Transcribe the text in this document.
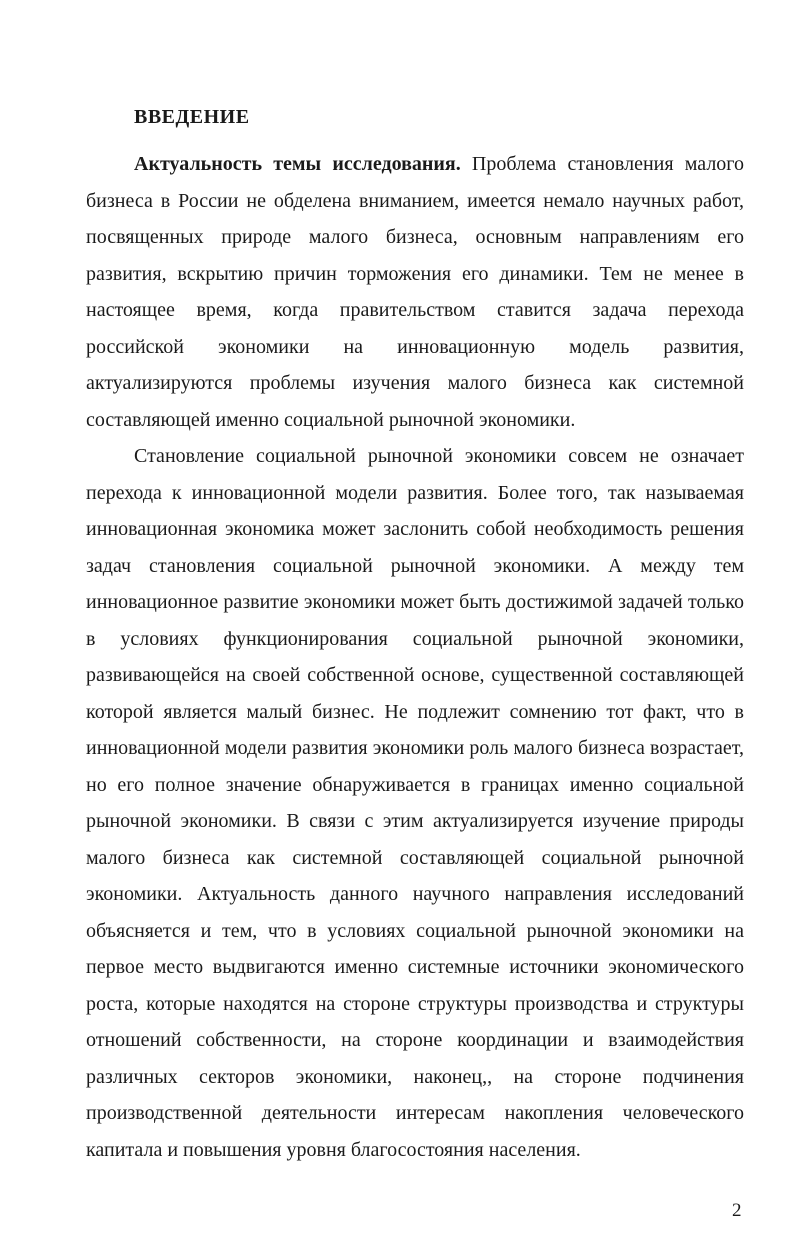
ВВЕДЕНИЕ

Актуальность темы исследования. Проблема становления малого бизнеса в России не обделена вниманием, имеется немало научных работ, посвященных природе малого бизнеса, основным направлениям его развития, вскрытию причин торможения его динамики. Тем не менее в настоящее время, когда правительством ставится задача перехода российской экономики на инновационную модель развития, актуализируются проблемы изучения малого бизнеса как системной составляющей именно социальной рыночной экономики.

Становление социальной рыночной экономики совсем не означает перехода к инновационной модели развития. Более того, так называемая инновационная экономика может заслонить собой необходимость решения задач становления социальной рыночной экономики. А между тем инновационное развитие экономики может быть достижимой задачей только в условиях функционирования социальной рыночной экономики, развивающейся на своей собственной основе, существенной составляющей которой является малый бизнес. Не подлежит сомнению тот факт, что в инновационной модели развития экономики роль малого бизнеса возрастает, но его полное значение обнаруживается в границах именно социальной рыночной экономики. В связи с этим актуализируется изучение природы малого бизнеса как системной составляющей социальной рыночной экономики. Актуальность данного научного направления исследований объясняется и тем, что в условиях социальной рыночной экономики на первое место выдвигаются именно системные источники экономического роста, которые находятся на стороне структуры производства и структуры отношений собственности, на стороне координации и взаимодействия различных секторов экономики, наконец,, на стороне подчинения производственной деятельности интересам накопления человеческого капитала и повышения уровня благосостояния населения.

2
